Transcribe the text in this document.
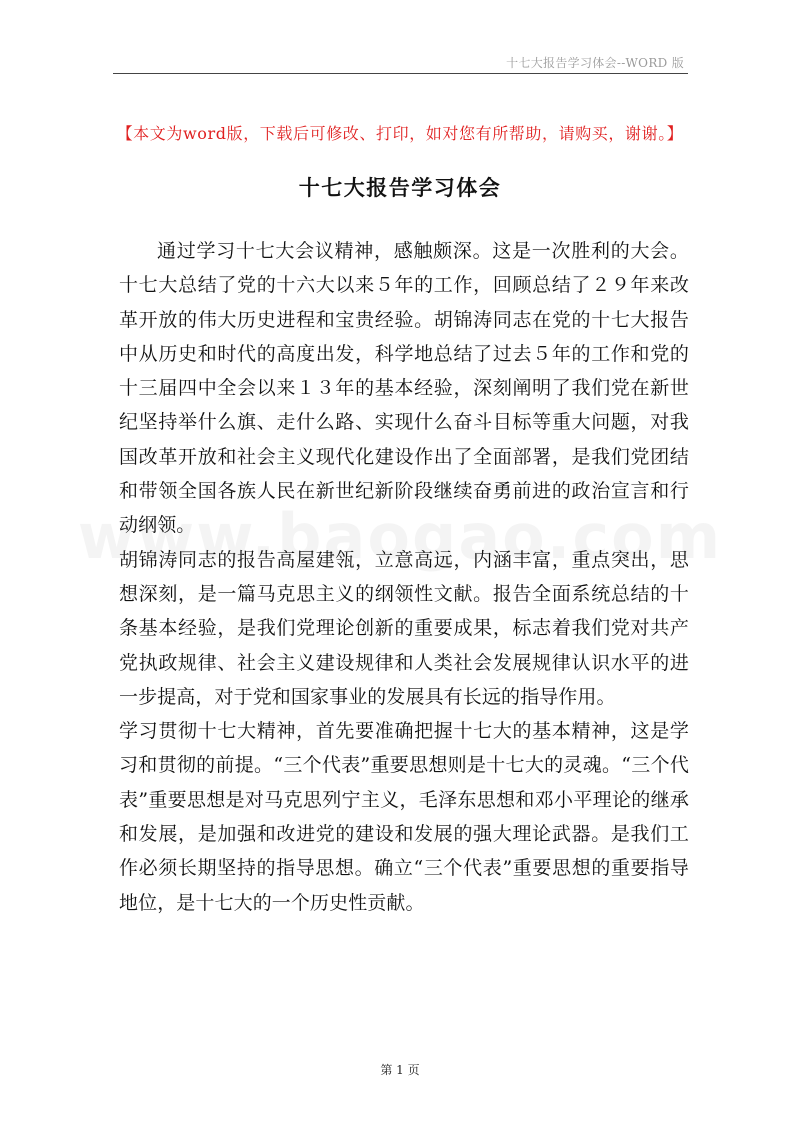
十七大报告学习体会--WORD 版
【本文为word版，下载后可修改、打印，如对您有所帮助，请购买，谢谢。】
十七大报告学习体会

通过学习十七大会议精神，感触颇深。这是一次胜利的大会。十七大总结了党的十六大以来５年的工作，回顾总结了２９年来改革开放的伟大历史进程和宝贵经验。胡锦涛同志在党的十七大报告中从历史和时代的高度出发，科学地总结了过去５年的工作和党的十三届四中全会以来１３年的基本经验，深刻阐明了我们党在新世纪坚持举什么旗、走什么路、实现什么奋斗目标等重大问题，对我国改革开放和社会主义现代化建设作出了全面部署，是我们党团结和带领全国各族人民在新世纪新阶段继续奋勇前进的政治宣言和行动纲领。

胡锦涛同志的报告高屋建瓴，立意高远，内涵丰富，重点突出，思想深刻，是一篇马克思主义的纲领性文献。报告全面系统总结的十条基本经验，是我们党理论创新的重要成果，标志着我们党对共产党执政规律、社会主义建设规律和人类社会发展规律认识水平的进一步提高，对于党和国家事业的发展具有长远的指导作用。

学习贯彻十七大精神，首先要准确把握十七大的基本精神，这是学习和贯彻的前提。“三个代表”重要思想则是十七大的灵魂。“三个代表”重要思想是对马克思列宁主义，毛泽东思想和邓小平理论的继承和发展，是加强和改进党的建设和发展的强大理论武器。是我们工作必须长期坚持的指导思想。确立“三个代表”重要思想的重要指导地位，是十七大的一个历史性贡献。

第 1 页
